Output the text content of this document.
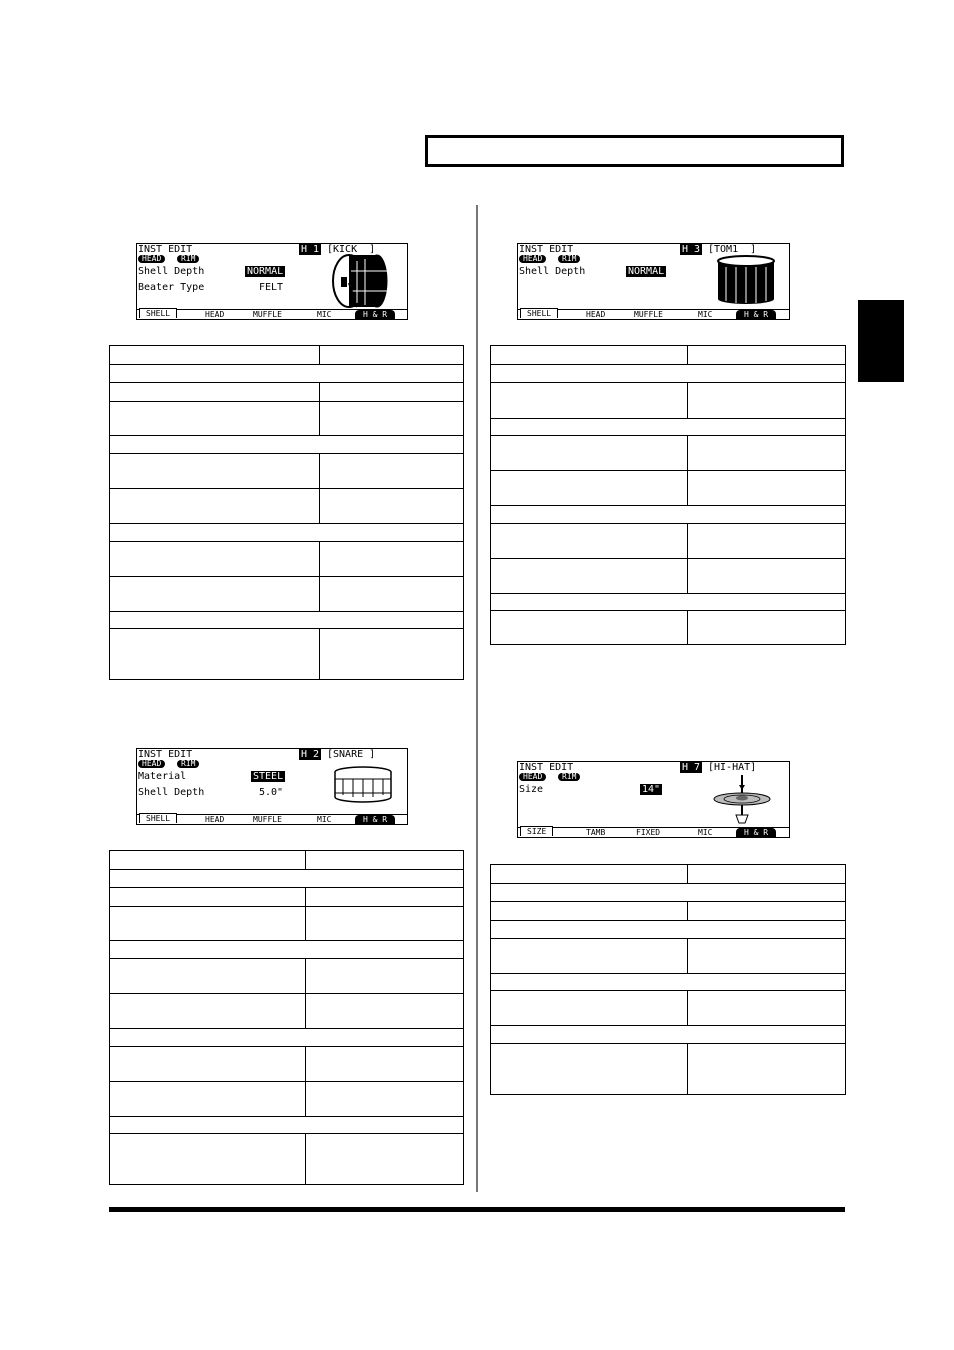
INST EDIT	H 1 [KICK  ]
HEAD	RIM
Shell Depth	NORMAL
Beater Type	FELT
SHELL	HEAD	MUFFLE	MIC	H & R
INST EDIT	H 3 [TOM1  ]
HEAD	RIM
Shell Depth	NORMAL
SHELL	HEAD	MUFFLE	MIC	H & R
INST EDIT	H 2 [SNARE ]
HEAD	RIM
Material	STEEL
Shell Depth	5.0"
SHELL	HEAD	MUFFLE	MIC	H & R
INST EDIT	H 7 [HI-HAT]
HEAD	RIM
Size	14"
SIZE	TAMB	FIXED	MIC	H & R
